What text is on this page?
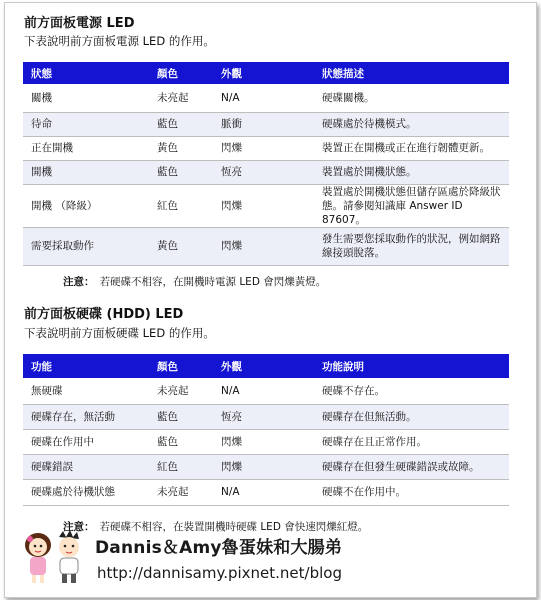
前方面板電源 LED
下表說明前方面板電源 LED 的作用。
狀態	顏色	外觀	狀態描述
關機	未亮起	N/A	硬碟關機。
待命	藍色	脈衝	硬碟處於待機模式。
正在開機	黃色	閃爍	裝置正在開機或正在進行韌體更新。
開機	藍色	恆亮	裝置處於開機狀態。
開機 （降級）	紅色	閃爍	裝置處於開機狀態但儲存區處於降級狀態。請參閱知識庫 Answer ID 87607。
需要採取動作	黃色	閃爍	發生需要您採取動作的狀況，例如網路線接頭脫落。
注意： 若硬碟不相容，在開機時電源 LED 會閃爍黃燈。
前方面板硬碟 (HDD) LED
下表說明前方面板硬碟 LED 的作用。
功能	顏色	外觀	功能說明
無硬碟	未亮起	N/A	硬碟不存在。
硬碟存在，無活動	藍色	恆亮	硬碟存在但無活動。
硬碟在作用中	藍色	閃爍	硬碟存在且正常作用。
硬碟錯誤	紅色	閃爍	硬碟存在但發生硬碟錯誤或故障。
硬碟處於待機狀態	未亮起	N/A	硬碟不在作用中。
注意： 若硬碟不相容，在裝置開機時硬碟 LED 會快速閃爍紅燈。
Dannis＆Amy魯蛋妹和大腸弟
http://dannisamy.pixnet.net/blog
